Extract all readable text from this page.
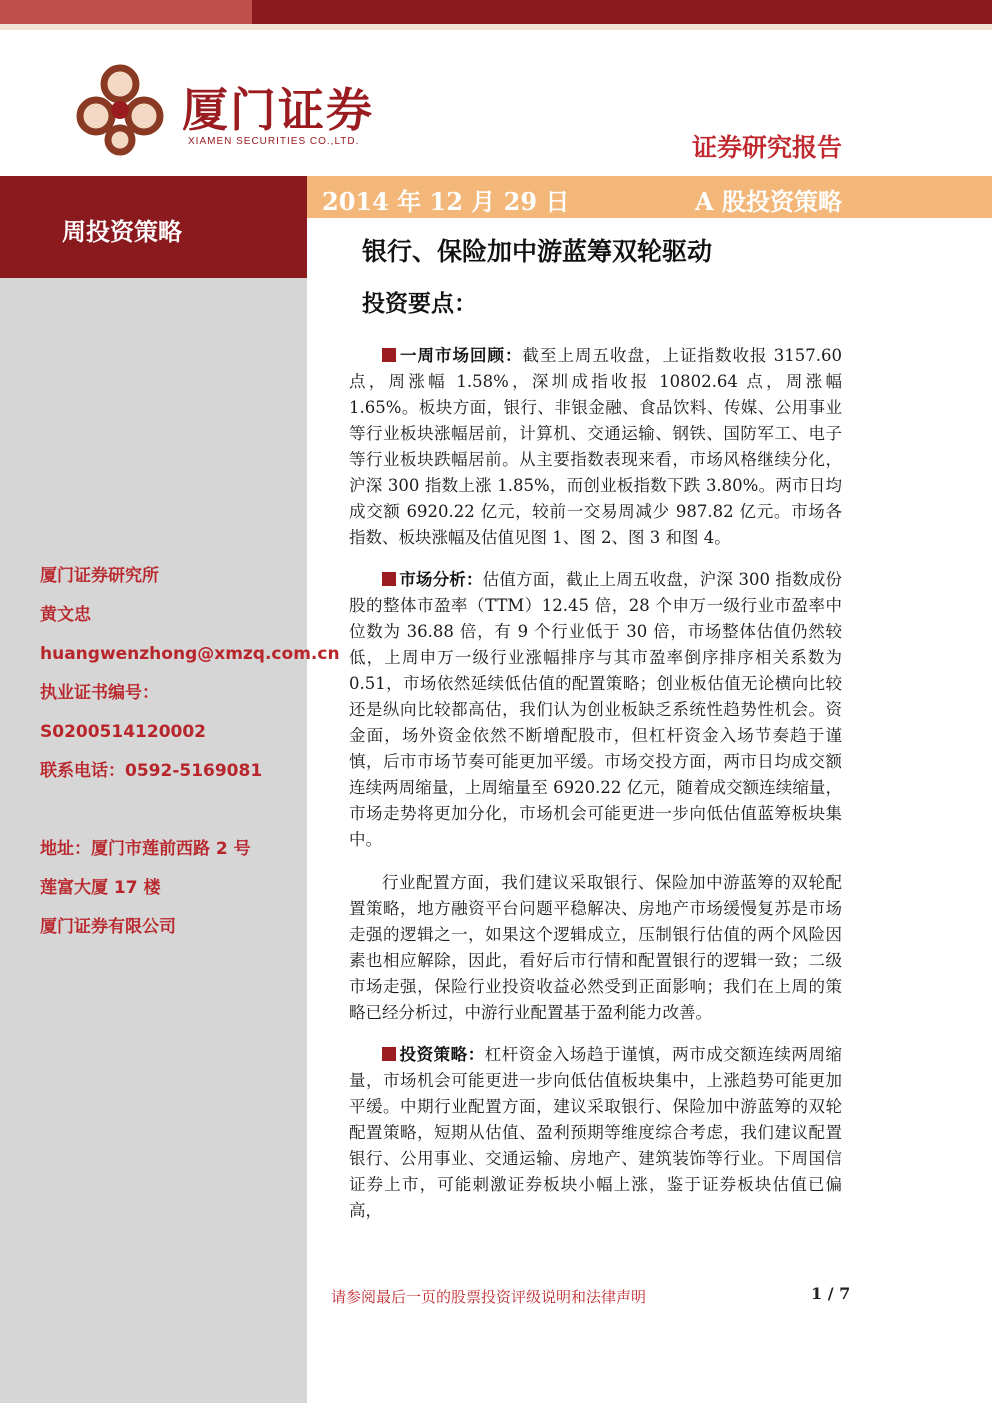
厦门证券
XIAMEN SECURITIES CO.,LTD.	证券研究报告
周投资策略
2014 年 12 月 29 日	A 股投资策略
银行、保险加中游蓝筹双轮驱动
投资要点：
厦门证券研究所
黄文忠
huangwenzhong@xmzq.com.cn
执业证书编号：
S0200514120002
联系电话：0592-5169081
地址：厦门市莲前西路 2 号
莲富大厦 17 楼
厦门证券有限公司

一周市场回顾：截至上周五收盘，上证指数收报 3157.60 点，周涨幅 1.58%，深圳成指收报 10802.64 点，周涨幅 1.65%。板块方面，银行、非银金融、食品饮料、传媒、公用事业等行业板块涨幅居前，计算机、交通运输、钢铁、国防军工、电子等行业板块跌幅居前。从主要指数表现来看，市场风格继续分化，沪深 300 指数上涨 1.85%，而创业板指数下跌 3.80%。两市日均成交额 6920.22 亿元，较前一交易周减少 987.82 亿元。市场各指数、板块涨幅及估值见图 1、图 2、图 3 和图 4。

市场分析：估值方面，截止上周五收盘，沪深 300 指数成份股的整体市盈率（TTM）12.45 倍，28 个申万一级行业市盈率中位数为 36.88 倍，有 9 个行业低于 30 倍，市场整体估值仍然较低，上周申万一级行业涨幅排序与其市盈率倒序排序相关系数为 0.51，市场依然延续低估值的配置策略；创业板估值无论横向比较还是纵向比较都高估，我们认为创业板缺乏系统性趋势性机会。资金面，场外资金依然不断增配股市，但杠杆资金入场节奏趋于谨慎，后市市场节奏可能更加平缓。市场交投方面，两市日均成交额连续两周缩量，上周缩量至 6920.22 亿元，随着成交额连续缩量，市场走势将更加分化，市场机会可能更进一步向低估值蓝筹板块集中。

行业配置方面，我们建议采取银行、保险加中游蓝筹的双轮配置策略，地方融资平台问题平稳解决、房地产市场缓慢复苏是市场走强的逻辑之一，如果这个逻辑成立，压制银行估值的两个风险因素也相应解除，因此，看好后市行情和配置银行的逻辑一致；二级市场走强，保险行业投资收益必然受到正面影响；我们在上周的策略已经分析过，中游行业配置基于盈利能力改善。

投资策略：杠杆资金入场趋于谨慎，两市成交额连续两周缩量，市场机会可能更进一步向低估值板块集中，上涨趋势可能更加平缓。中期行业配置方面，建议采取银行、保险加中游蓝筹的双轮配置策略，短期从估值、盈利预期等维度综合考虑，我们建议配置银行、公用事业、交通运输、房地产、建筑装饰等行业。下周国信证券上市，可能刺激证券板块小幅上涨，鉴于证券板块估值已偏高，

请参阅最后一页的股票投资评级说明和法律声明	1 / 7
